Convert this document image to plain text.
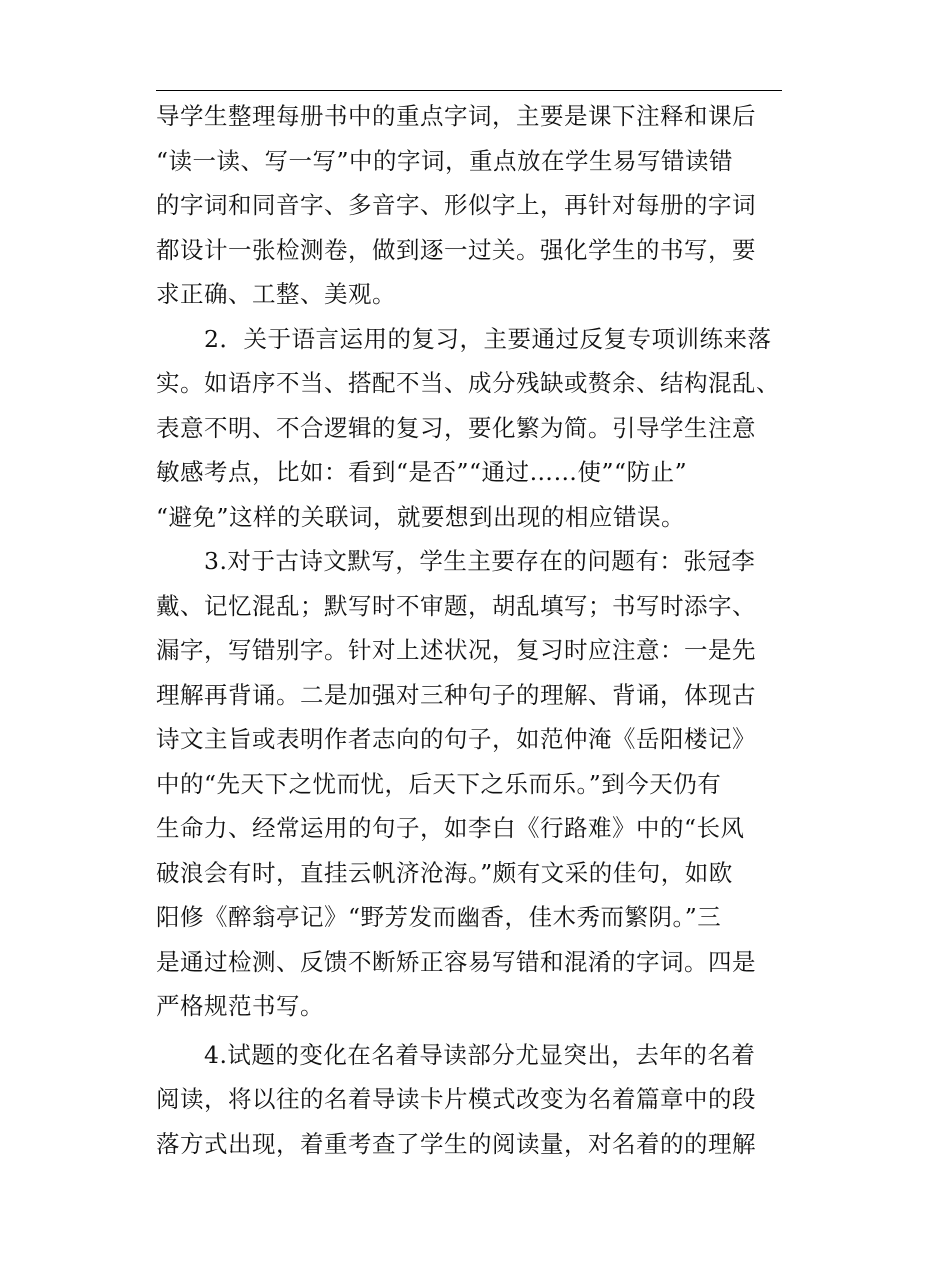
导学生整理每册书中的重点字词，主要是课下注释和课后
“读一读、写一写”中的字词，重点放在学生易写错读错
的字词和同音字、多音字、形似字上，再针对每册的字词
都设计一张检测卷，做到逐一过关。强化学生的书写，要
求正确、工整、美观。
2．关于语言运用的复习，主要通过反复专项训练来落
实。如语序不当、搭配不当、成分残缺或赘余、结构混乱、
表意不明、不合逻辑的复习，要化繁为简。引导学生注意
敏感考点，比如：看到“是否”“通过……使”“防止”
“避免”这样的关联词，就要想到出现的相应错误。
3.对于古诗文默写，学生主要存在的问题有：张冠李
戴、记忆混乱；默写时不审题，胡乱填写；书写时添字、
漏字，写错别字。针对上述状况，复习时应注意：一是先
理解再背诵。二是加强对三种句子的理解、背诵，体现古
诗文主旨或表明作者志向的句子，如范仲淹《岳阳楼记》
中的“先天下之忧而忧，后天下之乐而乐。”到今天仍有
生命力、经常运用的句子，如李白《行路难》中的“长风
破浪会有时，直挂云帆济沧海。”颇有文采的佳句，如欧
阳修《醉翁亭记》“野芳发而幽香，佳木秀而繁阴。”三
是通过检测、反馈不断矫正容易写错和混淆的字词。四是
严格规范书写。
4.试题的变化在名着导读部分尤显突出，去年的名着
阅读，将以往的名着导读卡片模式改变为名着篇章中的段
落方式出现，着重考查了学生的阅读量，对名着的的理解
